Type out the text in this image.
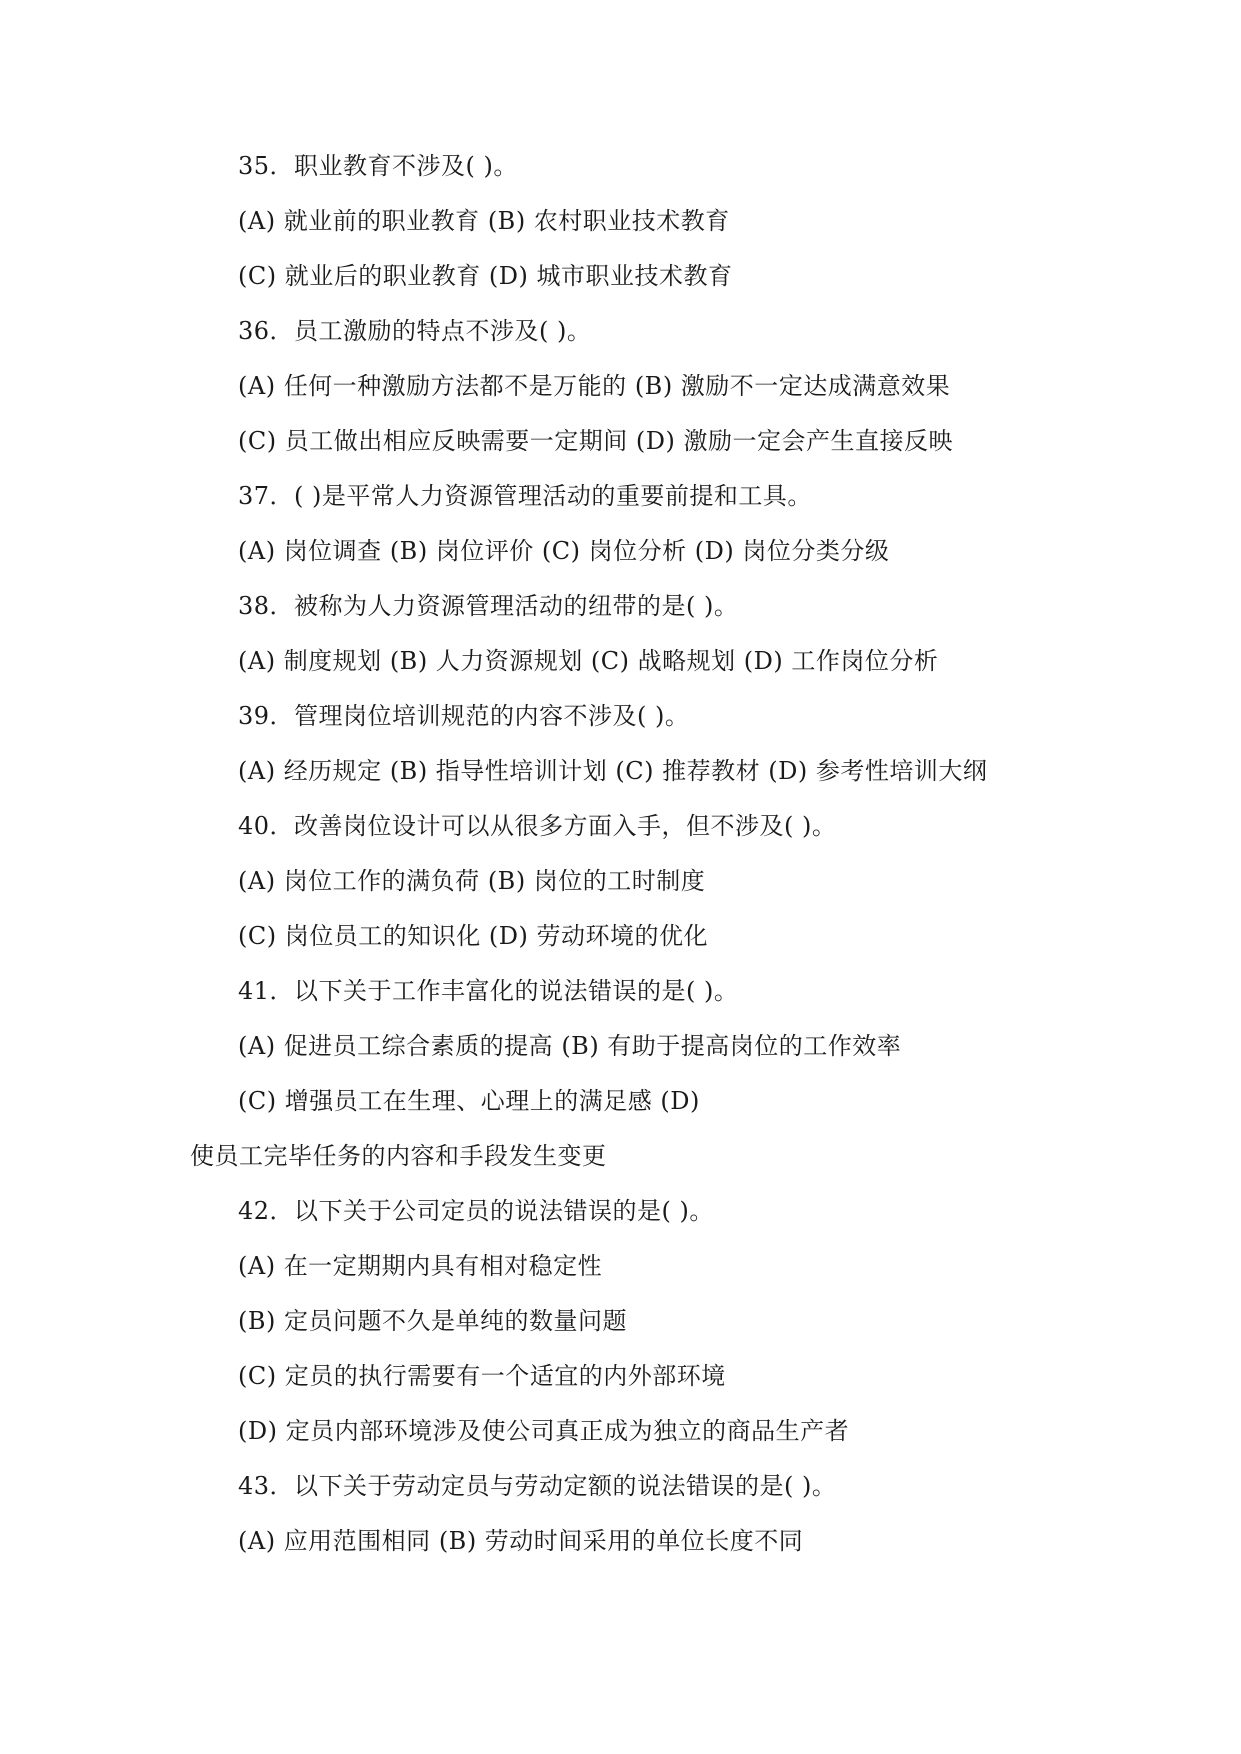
35．职业教育不涉及( )。
(A) 就业前的职业教育 (B) 农村职业技术教育
(C) 就业后的职业教育 (D) 城市职业技术教育
36．员工激励的特点不涉及( )。
(A) 任何一种激励方法都不是万能的 (B) 激励不一定达成满意效果
(C) 员工做出相应反映需要一定期间 (D) 激励一定会产生直接反映
37．( )是平常人力资源管理活动的重要前提和工具。
(A) 岗位调查 (B) 岗位评价 (C) 岗位分析 (D) 岗位分类分级
38．被称为人力资源管理活动的纽带的是( )。
(A) 制度规划 (B) 人力资源规划 (C) 战略规划 (D) 工作岗位分析
39．管理岗位培训规范的内容不涉及( )。
(A) 经历规定 (B) 指导性培训计划 (C) 推荐教材 (D) 参考性培训大纲
40．改善岗位设计可以从很多方面入手，但不涉及( )。
(A) 岗位工作的满负荷 (B) 岗位的工时制度
(C) 岗位员工的知识化 (D) 劳动环境的优化
41．以下关于工作丰富化的说法错误的是( )。
(A) 促进员工综合素质的提高 (B) 有助于提高岗位的工作效率
(C) 增强员工在生理、心理上的满足感 (D)
使员工完毕任务的内容和手段发生变更
42．以下关于公司定员的说法错误的是( )。
(A) 在一定期期内具有相对稳定性
(B) 定员问题不久是单纯的数量问题
(C) 定员的执行需要有一个适宜的内外部环境
(D) 定员内部环境涉及使公司真正成为独立的商品生产者
43．以下关于劳动定员与劳动定额的说法错误的是( )。
(A) 应用范围相同 (B) 劳动时间采用的单位长度不同
